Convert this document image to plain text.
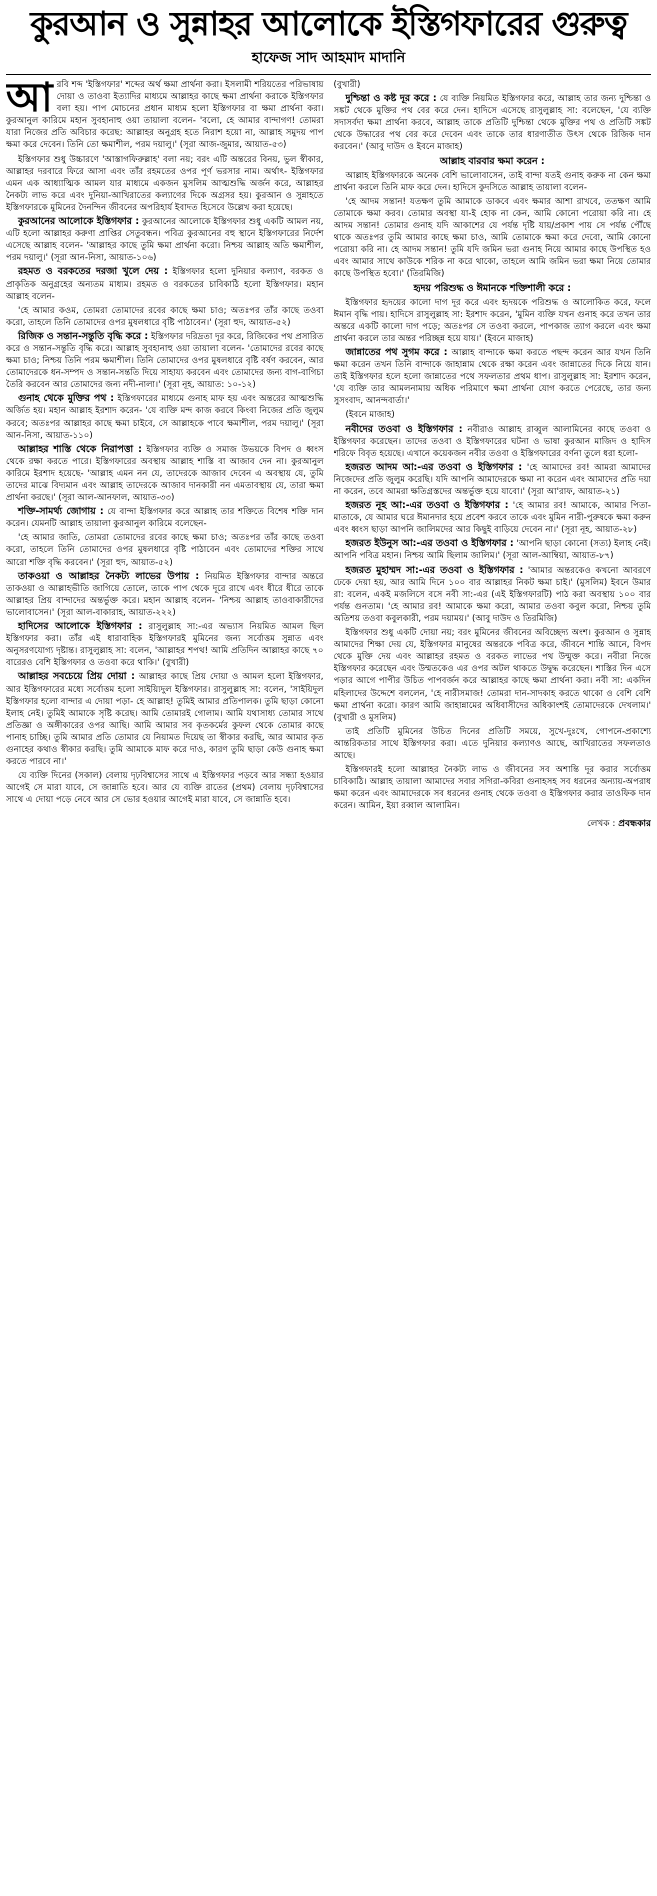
কুরআন ও সুন্নাহর আলোকে ইস্তিগফারের গুরুত্ব
হাফেজ সাদ আহমাদ মাদানি

আরবি শব্দ 'ইস্তিগফার' শব্দের অর্থ ক্ষমা প্রার্থনা করা। ইসলামী শরিয়তের পরিভাষায় দোয়া ও তাওবা ইত্যাদির মাধ্যমে আল্লাহর কাছে ক্ষমা প্রার্থনা করাকে ইস্তিগফার বলা হয়। পাপ মোচনের প্রধান মাধ্যম হলো ইস্তিগফার বা ক্ষমা প্রার্থনা করা। কুরআনুল কারিমে মহান সুবহানাহু ওয়া তায়ালা বলেন- 'বলো, হে আমার বান্দাগণ! তোমরা যারা নিজের প্রতি অবিচার করেছ: আল্লাহর অনুগ্রহ হতে নিরাশ হয়ো না, আল্লাহ সমুদয় পাপ ক্ষমা করে দেবেন। তিনি তো ক্ষমাশীল, পরম দয়ালু।' (সূরা আজ-জুমার, আয়াত-৫৩)

ইস্তিগফার শুধু উচ্চারণে 'আস্তাগফিরুল্লাহ' বলা নয়; বরং এটি অন্তরের বিনয়, ভুল স্বীকার, আল্লাহর দরবারে ফিরে আসা এবং তাঁর রহমতের ওপর পূর্ণ ভরসার নাম। অর্থাৎ- ইস্তিগফার এমন এক আধ্যাত্মিক আমল যার মাধ্যমে একজন মুসলিম আত্মশুদ্ধি অর্জন করে, আল্লাহর নৈকট্য লাভ করে এবং দুনিয়া-আখিরাতের কল্যাণের দিকে অগ্রসর হয়। কুরআন ও সুন্নাহতে ইস্তিগফারকে মুমিনের দৈনন্দিন জীবনের অপরিহার্য ইবাদত হিসেবে উল্লেখ করা হয়েছে।

কুরআনের আলোকে ইস্তিগফার : কুরআনের আলোকে ইস্তিগফার শুধু একটি আমল নয়, এটি হলো আল্লাহর করুণা প্রাপ্তির সেতুবন্ধন। পবিত্র কুরআনের বহু স্থানে ইস্তিগফারের নির্দেশ এসেছে আল্লাহ বলেন- 'আল্লাহর কাছে তুমি ক্ষমা প্রার্থনা করো। নিশ্চয় আল্লাহ অতি ক্ষমাশীল, পরম দয়ালু।' (সূরা আন-নিসা, আয়াত-১০৬)

রহমত ও বরকতের দরজা খুলে দেয় : ইস্তিগফার হলো দুনিয়ার কল্যাণ, বরকত ও প্রাকৃতিক অনুগ্রহের অন্যতম মাধ্যম। রহমত ও বরকতের চাবিকাঠি হলো ইস্তিগফার। মহান আল্লাহ বলেন-

'হে আমার কওম, তোমরা তোমাদের রবের কাছে ক্ষমা চাও; অতঃপর তাঁর কাছে তওবা করো, তাহলে তিনি তোমাদের ওপর মুষলধারে বৃষ্টি পাঠাবেন।' (সূরা হুদ, আয়াত-৫২)

রিজিক ও সন্তান-সন্তুতি বৃদ্ধি করে : ইস্তিগফার দরিদ্রতা দূর করে, রিজিকের পথ প্রসারিত করে ও সন্তান-সন্তুতি বৃদ্ধি করে। আল্লাহ সুবহানাহু ওয়া তায়ালা বলেন- 'তোমাদের রবের কাছে ক্ষমা চাও; নিশ্চয় তিনি পরম ক্ষমাশীল। তিনি তোমাদের ওপর মুষলধারে বৃষ্টি বর্ষণ করবেন, আর তোমাদেরকে ধন-সম্পদ ও সন্তান-সন্ততি দিয়ে সাহায্য করবেন এবং তোমাদের জন্য বাগ-বাগিচা তৈরি করবেন আর তোমাদের জন্য নদী-নালা।' (সূরা নূহ, আয়াত: ১০-১২)

গুনাহ থেকে মুক্তির পথ : ইস্তিগফারের মাধ্যমে গুনাহ মাফ হয় এবং অন্তরের আত্মশুদ্ধি অর্জিত হয়। মহান আল্লাহ ইরশাদ করেন- 'যে ব্যক্তি মন্দ কাজ করবে কিংবা নিজের প্রতি জুলুম করবে; অতঃপর আল্লাহর কাছে ক্ষমা চাইবে, সে আল্লাহকে পাবে ক্ষমাশীল, পরম দয়ালু।' (সূরা আন-নিসা, আয়াত-১১০)

আল্লাহর শাস্তি থেকে নিরাপত্তা : ইস্তিগফার ব্যক্তি ও সমাজ উভয়কে বিপদ ও ধ্বংস থেকে রক্ষা করতে পারে। ইস্তিগফারের অবস্থায় আল্লাহ শাস্তি বা আজাব দেন না। কুরআনুল কারিমে ইরশাদ হয়েছে- 'আল্লাহ এমন নন যে, তাদেরকে আজাব দেবেন এ অবস্থায় যে, তুমি তাদের মাঝে বিদ্যমান এবং আল্লাহ তাদেরকে আজাব দানকারী নন এমতাবস্থায় যে, তারা ক্ষমা প্রার্থনা করছে।' (সূরা আল-আনফাল, আয়াত-৩৩)

শক্তি-সামর্থ্য জোগায় : যে বান্দা ইস্তিগফার করে আল্লাহ তার শক্তিতে বিশেষ শক্তি দান করেন। যেমনটি আল্লাহ তায়ালা কুরআনুল কারিমে বলেছেন-

'হে আমার জাতি, তোমরা তোমাদের রবের কাছে ক্ষমা চাও; অতঃপর তাঁর কাছে তওবা করো, তাহলে তিনি তোমাদের ওপর মুষলধারে বৃষ্টি পাঠাবেন এবং তোমাদের শক্তির সাথে আরো শক্তি বৃদ্ধি করবেন।' (সূরা হুদ, আয়াত-৫২)

তাকওয়া ও আল্লাহর নৈকট্য লাভের উপায় : নিয়মিত ইস্তিগফার বান্দার অন্তরে তাকওয়া ও আল্লাহভীতি জাগিয়ে তোলে, তাকে পাপ থেকে দূরে রাখে এবং ধীরে ধীরে তাকে আল্লাহর প্রিয় বান্দাদের অন্তর্ভুক্ত করে। মহান আল্লাহ বলেন- 'নিশ্চয় আল্লাহ তাওবাকারীদের ভালোবাসেন।' (সূরা আল-বাকারাহ, আয়াত-২২২)

হাদিসের আলোকে ইস্তিগফার : রাসুলুল্লাহ সা:-এর অভ্যাস নিয়মিত আমল ছিল ইস্তিগফার করা। তাঁর এই ধারাবাহিক ইস্তিগফারই মুমিনের জন্য সর্বোত্তম সুন্নাত এবং অনুসরণযোগ্য দৃষ্টান্ত। রাসুলুল্লাহ সা: বলেন, 'আল্লাহর শপথ! আমি প্রতিদিন আল্লাহর কাছে ৭০ বারেরও বেশি ইস্তিগফার ও তওবা করে থাকি।' (বুখারী)

আল্লাহর সবচেয়ে প্রিয় দোয়া : আল্লাহর কাছে প্রিয় দোয়া ও আমল হলো ইস্তিগফার, আর ইস্তিগফারের মধ্যে সর্বোত্তম হলো সাইয়্যিদুল ইস্তিগফার। রাসুলুল্লাহ সা: বলেন, 'সাইয়িদুল ইস্তিগফার হলো বান্দার এ দোয়া পড়া- হে আল্লাহ! তুমিই আমার প্রতিপালক। তুমি ছাড়া কোনো ইলাহ নেই। তুমিই আমাকে সৃষ্টি করেছ। আমি তোমারই গোলাম। আমি যথাসাধ্য তোমার সাথে প্রতিজ্ঞা ও অঙ্গীকারের ওপর আছি। আমি আমার সব কৃতকর্মের কুফল থেকে তোমার কাছে পানাহ চাচ্ছি। তুমি আমার প্রতি তোমার যে নিয়ামত দিয়েছ তা স্বীকার করছি, আর আমার কৃত গুনাহের কথাও স্বীকার করছি। তুমি আমাকে মাফ করে দাও, কারণ তুমি ছাড়া কেউ গুনাহ ক্ষমা করতে পারবে না।'

যে ব্যক্তি দিনের (সকাল) বেলায় দৃঢ়বিশ্বাসের সাথে এ ইস্তিগফার পড়বে আর সন্ধ্যা হওয়ার আগেই সে মারা যাবে, সে জান্নাতি হবে। আর যে ব্যক্তি রাতের (প্রথম) বেলায় দৃঢ়বিশ্বাসের সাথে এ দোয়া পড়ে নেবে আর সে ভোর হওয়ার আগেই মারা যাবে, সে জান্নাতি হবে।

(বুখারী)

দুশ্চিন্তা ও কষ্ট দূর করে : যে ব্যক্তি নিয়মিত ইস্তিগফার করে, আল্লাহ তার জন্য দুশ্চিন্তা ও সঙ্কট থেকে মুক্তির পথ বের করে দেন। হাদিসে এসেছে রাসুলুল্লাহ সা: বলেছেন, 'যে ব্যক্তি সদাসর্বদা ক্ষমা প্রার্থনা করবে, আল্লাহ তাকে প্রতিটি দুশ্চিন্তা থেকে মুক্তির পথ ও প্রতিটি সঙ্কট থেকে উদ্ধারের পথ বের করে দেবেন এবং তাকে তার ধারণাতীত উৎস থেকে রিজিক দান করবেন।' (আবু দাউদ ও ইবনে মাজাহ)

আল্লাহ বারবার ক্ষমা করেন :

আল্লাহ ইস্তিগফারকে অনেক বেশি ভালোবাসেন, তাই বান্দা যতই গুনাহ করুক না কেন ক্ষমা প্রার্থনা করলে তিনি মাফ করে দেন। হাদিসে কুদসিতে আল্লাহ তায়ালা বলেন-

'হে আদম সন্তান! যতক্ষণ তুমি আমাকে ডাকবে এবং ক্ষমার আশা রাখবে, ততক্ষণ আমি তোমাকে ক্ষমা করব। তোমার অবস্থা যা-ই হোক না কেন, আমি কোনো পরোয়া করি না। হে আদম সন্তান! তোমার গুনাহ যদি আকাশের যে পর্যন্ত দৃষ্টি যায়/প্রকাশ পায় সে পর্যন্ত পৌঁছে থাকে অতঃপর তুমি আমার কাছে ক্ষমা চাও, আমি তোমাকে ক্ষমা করে দেবো, আমি কোনো পরোয়া করি না। হে আদম সন্তান! তুমি যদি জমিন ভরা গুনাহ নিয়ে আমার কাছে উপস্থিত হও এবং আমার সাথে কাউকে শরিক না করে থাকো, তাহলে আমি জমিন ভরা ক্ষমা নিয়ে তোমার কাছে উপস্থিত হবো।' (তিরমিজি)

হৃদয় পরিশুদ্ধ ও ঈমানকে শক্তিশালী করে :

ইস্তিগফার হৃদয়ের কালো দাগ দূর করে এবং হৃদয়কে পরিশুদ্ধ ও আলোকিত করে, ফলে ঈমান বৃদ্ধি পায়। হাদিসে রাসুলুল্লাহ সা: ইরশাদ করেন, 'মুমিন ব্যক্তি যখন গুনাহ করে তখন তার অন্তরে একটি কালো দাগ পড়ে; অতঃপর সে তওবা করলে, পাপকাজ ত্যাগ করলে এবং ক্ষমা প্রার্থনা করলে তার অন্তর পরিচ্ছন্ন হয়ে যায়।' (ইবনে মাজাহ)

জান্নাতের পথ সুগম করে : আল্লাহ বান্দাকে ক্ষমা করতে পছন্দ করেন আর যখন তিনি ক্ষমা করেন তখন তিনি বান্দাকে জাহান্নাম থেকে রক্ষা করেন এবং জান্নাতের দিকে নিয়ে যান। তাই ইস্তিগফার হলে হলো জান্নাতের পথে সফলতার প্রথম ধাপ। রাসুলুল্লাহ সা: ইরশাদ করেন, 'যে ব্যক্তি তার আমলনামায় অধিক পরিমাণে ক্ষমা প্রার্থনা যোগ করতে পেরেছে, তার জন্য সুসংবাদ, আনন্দবার্তা।'

(ইবনে মাজাহ)

নবীদের তওবা ও ইস্তিগফার : নবীরাও আল্লাহ রাব্বুল আলামিনের কাছে তওবা ও ইস্তিগফার করেছেন। তাদের তওবা ও ইস্তিগফারের ঘটনা ও ভাষা কুরআন মাজিদ ও হাদিস শরিফে বিবৃত হয়েছে। এখানে কয়েকজন নবীর তওবা ও ইস্তিগফারের বর্ণনা তুলে ধরা হলো-

হজরত আদম আ:-এর তওবা ও ইস্তিগফার : 'হে আমাদের রব! আমরা আমাদের নিজেদের প্রতি জুলুম করেছি। যদি আপনি আমাদেরকে ক্ষমা না করেন এবং আমাদের প্রতি দয়া না করেন, তবে আমরা ক্ষতিগ্রস্তদের অন্তর্ভুক্ত হয়ে যাবো।' (সূরা আ'রাফ, আয়াত-২১)

হজরত নূহ আ:-এর তওবা ও ইস্তিগফার : 'হে আমার রব! আমাকে, আমার পিতা-মাতাকে, যে আমার ঘরে ঈমানদার হয়ে প্রবেশ করবে তাকে এবং মুমিন নারী-পুরুষকে ক্ষমা করুন এবং ধ্বংস ছাড়া আপনি জালিমদের আর কিছুই বাড়িয়ে দেবেন না।' (সূরা নূহ, আয়াত-২৮)

হজরত ইউনুস আ:-এর তওবা ও ইস্তিগফার : 'আপনি ছাড়া কোনো (সত্য) ইলাহ নেই। আপনি পবিত্র মহান। নিশ্চয় আমি ছিলাম জালিম।' (সূরা আল-আম্বিয়া, আয়াত-৮৭)

হজরত মুহাম্মদ সা:-এর তওবা ও ইস্তিগফার : 'আমার অন্তরকেও কখনো আবরণে ঢেকে দেয়া হয়, আর আমি দিনে ১০০ বার আল্লাহর নিকট ক্ষমা চাই।' (মুসলিম) ইবনে উমার রা: বলেন, একই মজলিসে বসে নবী সা:-এর (এই ইস্তিগফারটি) পাঠ করা অবস্থায় ১০০ বার পর্যন্ত গুনতাম। 'হে আমার রব! আমাকে ক্ষমা করো, আমার তওবা কবুল করো, নিশ্চয় তুমি অতিশয় তওবা কবুলকারী, পরম দয়াময়।' (আবু দাউদ ও তিরমিজি)

ইস্তিগফার শুধু একটি দোয়া নয়; বরং মুমিনের জীবনের অবিচ্ছেদ্য অংশ। কুরআন ও সুন্নাহ আমাদের শিক্ষা দেয় যে, ইস্তিগফার মানুষের অন্তরকে পবিত্র করে, জীবনে শান্তি আনে, বিপদ থেকে মুক্তি দেয় এবং আল্লাহর রহমত ও বরকত লাভের পথ উন্মুক্ত করে। নবীরা নিজে ইস্তিগফার করেছেন এবং উম্মতকেও এর ওপর অটল থাকতে উদ্বুদ্ধ করেছেন। শাস্তির দিন এসে পড়ার আগে পাপীর উচিত পাপবর্জন করে আল্লাহর কাছে ক্ষমা প্রার্থনা করা। নবী সা: একদিন মহিলাদের উদ্দেশে বললেন, 'হে নারীসমাজ! তোমরা দান-সাদকাহ করতে থাকো ও বেশি বেশি ক্ষমা প্রার্থনা করো। কারণ আমি জাহান্নামের অধিবাসীদের অধিকাংশই তোমাদেরকে দেখলাম।' (বুখারী ও মুসলিম)

তাই প্রতিটি মুমিনের উচিত দিনের প্রতিটি সময়ে, সুখে-দুঃখে, গোপনে-প্রকাশ্যে আন্তরিকতার সাথে ইস্তিগফার করা। এতে দুনিয়ার কল্যাণও আছে, আখিরাতের সফলতাও আছে।

ইস্তিগফারই হলো আল্লাহর নৈকট্য লাভ ও জীবনের সব অশান্তি দূর করার সর্বোত্তম চাবিকাঠি। আল্লাহ তায়ালা আমাদের সবার সগিরা-কবিরা গুনাহসহ সব ধরনের অন্যায়-অপরাধ ক্ষমা করেন এবং আমাদেরকে সব ধরনের গুনাহ থেকে তওবা ও ইস্তিগফার করার তাওফিক দান করেন। আমিন, ইয়া রব্বাল আলামিন।

লেখক : প্রবন্ধকার
